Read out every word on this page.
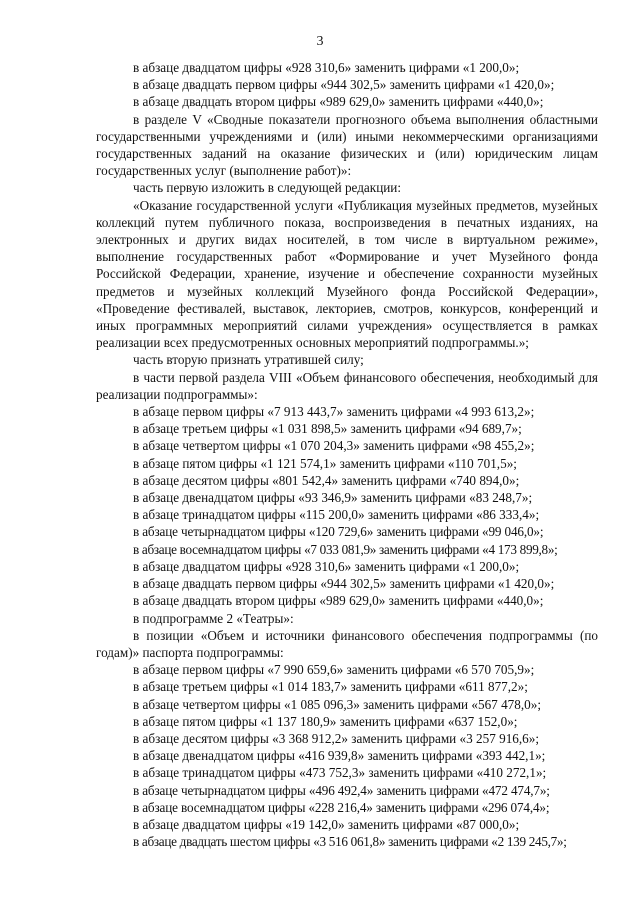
3

в абзаце двадцатом цифры «928 310,6» заменить цифрами «1 200,0»;

в абзаце двадцать первом цифры «944 302,5» заменить цифрами «1 420,0»;

в абзаце двадцать втором цифры «989 629,0» заменить цифрами «440,0»;

в разделе V «Сводные показатели прогнозного объема выполнения областными государственными учреждениями и (или) иными некоммерческими организациями государственных заданий на оказание физических и (или) юридическим лицам государственных услуг (выполнение работ)»:

часть первую изложить в следующей редакции:

«Оказание государственной услуги «Публикация музейных предметов, музейных коллекций путем публичного показа, воспроизведения в печатных изданиях, на электронных и других видах носителей, в том числе в виртуальном режиме», выполнение государственных работ «Формирование и учет Музейного фонда Российской Федерации, хранение, изучение и обеспечение сохранности музейных предметов и музейных коллекций Музейного фонда Российской Федерации», «Проведение фестивалей, выставок, лекториев, смотров, конкурсов, конференций и иных программных мероприятий силами учреждения» осуществляется в рамках реализации всех предусмотренных основных мероприятий подпрограммы.»;

часть вторую признать утратившей силу;

в части первой раздела VIII «Объем финансового обеспечения, необходимый для реализации подпрограммы»:

в абзаце первом цифры «7 913 443,7» заменить цифрами «4 993 613,2»;

в абзаце третьем цифры «1 031 898,5» заменить цифрами «94 689,7»;

в абзаце четвертом цифры «1 070 204,3» заменить цифрами «98 455,2»;

в абзаце пятом цифры «1 121 574,1» заменить цифрами «110 701,5»;

в абзаце десятом цифры «801 542,4» заменить цифрами «740 894,0»;

в абзаце двенадцатом цифры «93 346,9» заменить цифрами «83 248,7»;

в абзаце тринадцатом цифры «115 200,0» заменить цифрами «86 333,4»;

в абзаце четырнадцатом цифры «120 729,6» заменить цифрами «99 046,0»;

в абзаце восемнадцатом цифры «7 033 081,9» заменить цифрами «4 173 899,8»;

в абзаце двадцатом цифры «928 310,6» заменить цифрами «1 200,0»;

в абзаце двадцать первом цифры «944 302,5» заменить цифрами «1 420,0»;

в абзаце двадцать втором цифры «989 629,0» заменить цифрами «440,0»;

в подпрограмме 2 «Театры»:

в позиции «Объем и источники финансового обеспечения подпрограммы (по годам)» паспорта подпрограммы:

в абзаце первом цифры «7 990 659,6» заменить цифрами «6 570 705,9»;

в абзаце третьем цифры «1 014 183,7» заменить цифрами «611 877,2»;

в абзаце четвертом цифры «1 085 096,3» заменить цифрами «567 478,0»;

в абзаце пятом цифры «1 137 180,9» заменить цифрами «637 152,0»;

в абзаце десятом цифры «3 368 912,2» заменить цифрами «3 257 916,6»;

в абзаце двенадцатом цифры «416 939,8» заменить цифрами «393 442,1»;

в абзаце тринадцатом цифры «473 752,3» заменить цифрами «410 272,1»;

в абзаце четырнадцатом цифры «496 492,4» заменить цифрами «472 474,7»;

в абзаце восемнадцатом цифры «228 216,4» заменить цифрами «296 074,4»;

в абзаце двадцатом цифры «19 142,0» заменить цифрами «87 000,0»;

в абзаце двадцать шестом цифры «3 516 061,8» заменить цифрами «2 139 245,7»;
